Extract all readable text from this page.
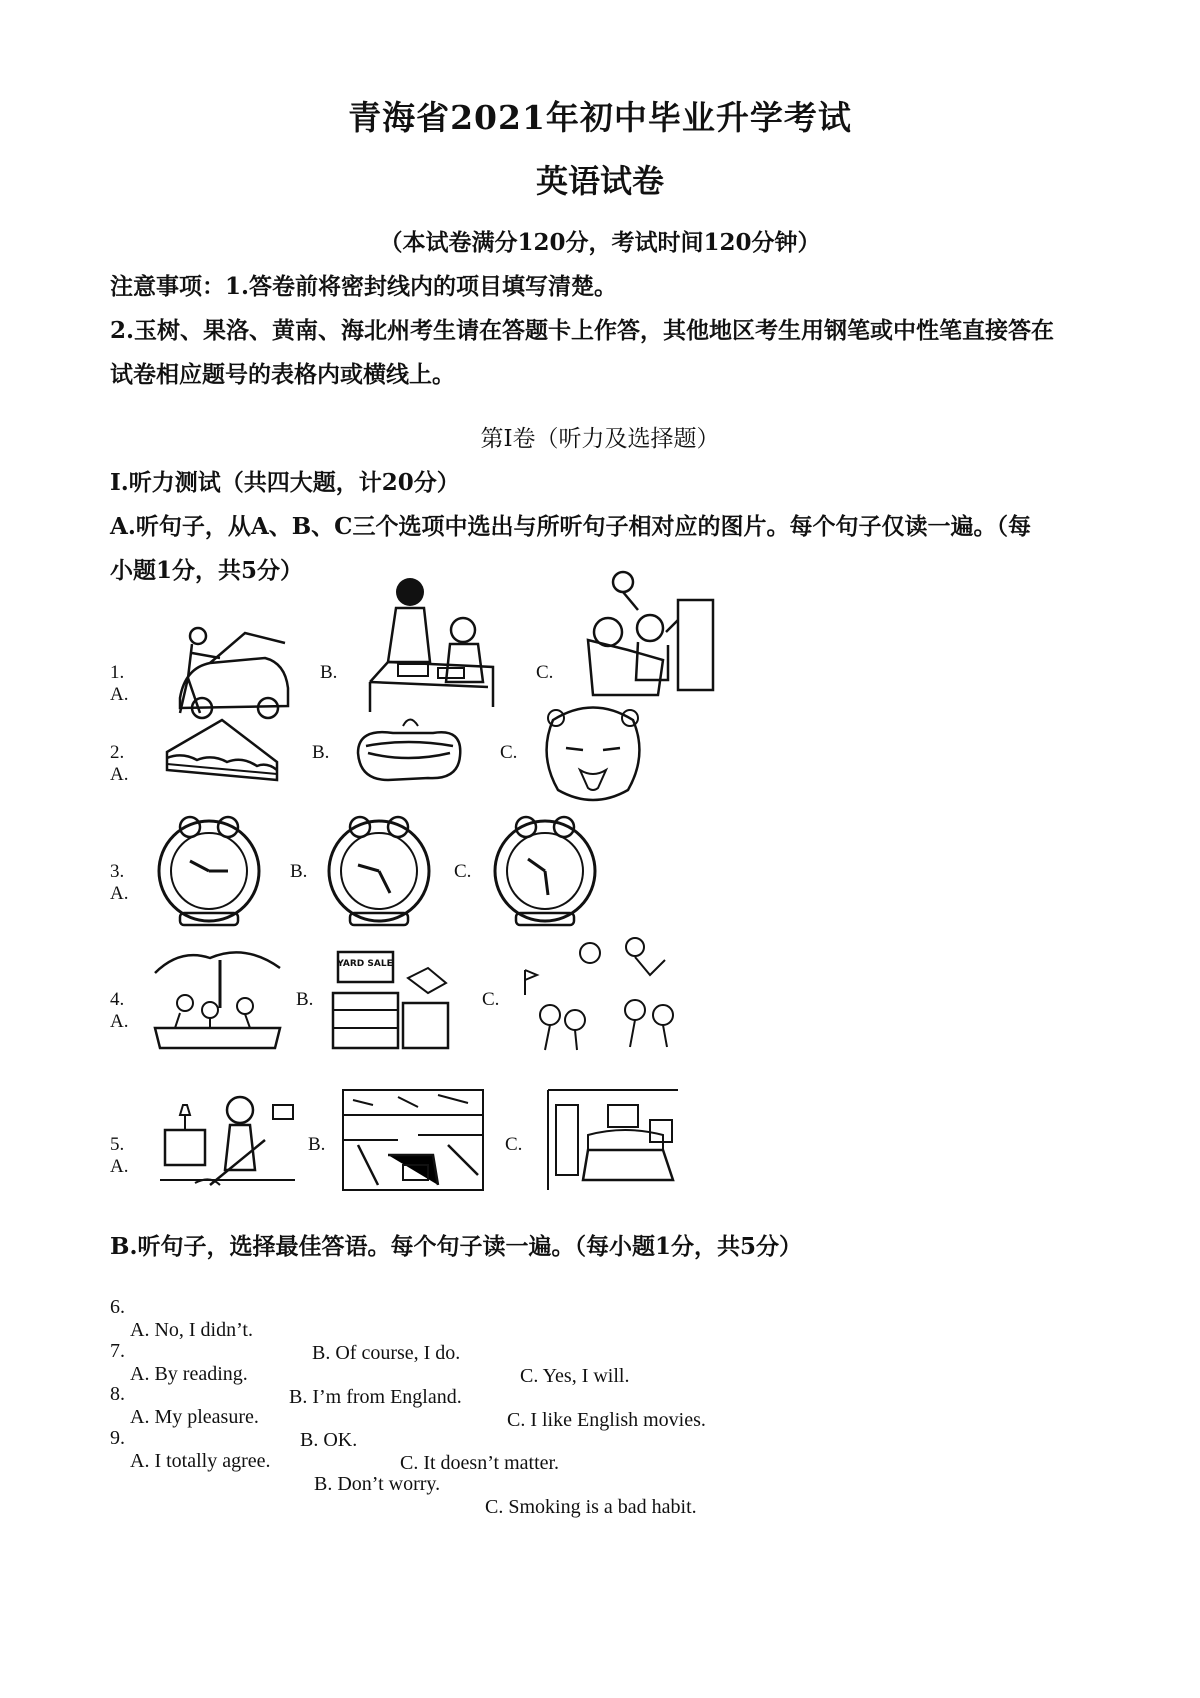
青海省2021年初中毕业升学考试
英语试卷
（本试卷满分120分，考试时间120分钟）
注意事项：1.答卷前将密封线内的项目填写清楚。
2.玉树、果洛、黄南、海北州考生请在答题卡上作答，其他地区考生用钢笔或中性笔直接答在
试卷相应题号的表格内或横线上。
第Ⅰ卷（听力及选择题）
Ⅰ.听力测试（共四大题，计20分）
A.听句子，从A、B、C三个选项中选出与所听句子相对应的图片。每个句子仅读一遍。（每
小题1分，共5分）
1. A.
B.	C.
2. A.
B.	C.
3. A.
B.	C.
4. A.
B.
YARD SALE
C.
5. A.
B.	C.
B.听句子，选择最佳答语。每个句子读一遍。（每小题1分，共5分）

6.

A. No, I didn’t.

B. Of course, I do.

C. Yes, I will.

7.

A. By reading.

B. I’m from England.

C. I like English movies.

8.

A. My pleasure.

B. OK.

C. It doesn’t matter.

9.

A. I totally agree.

B. Don’t worry.

C. Smoking is a bad habit.
